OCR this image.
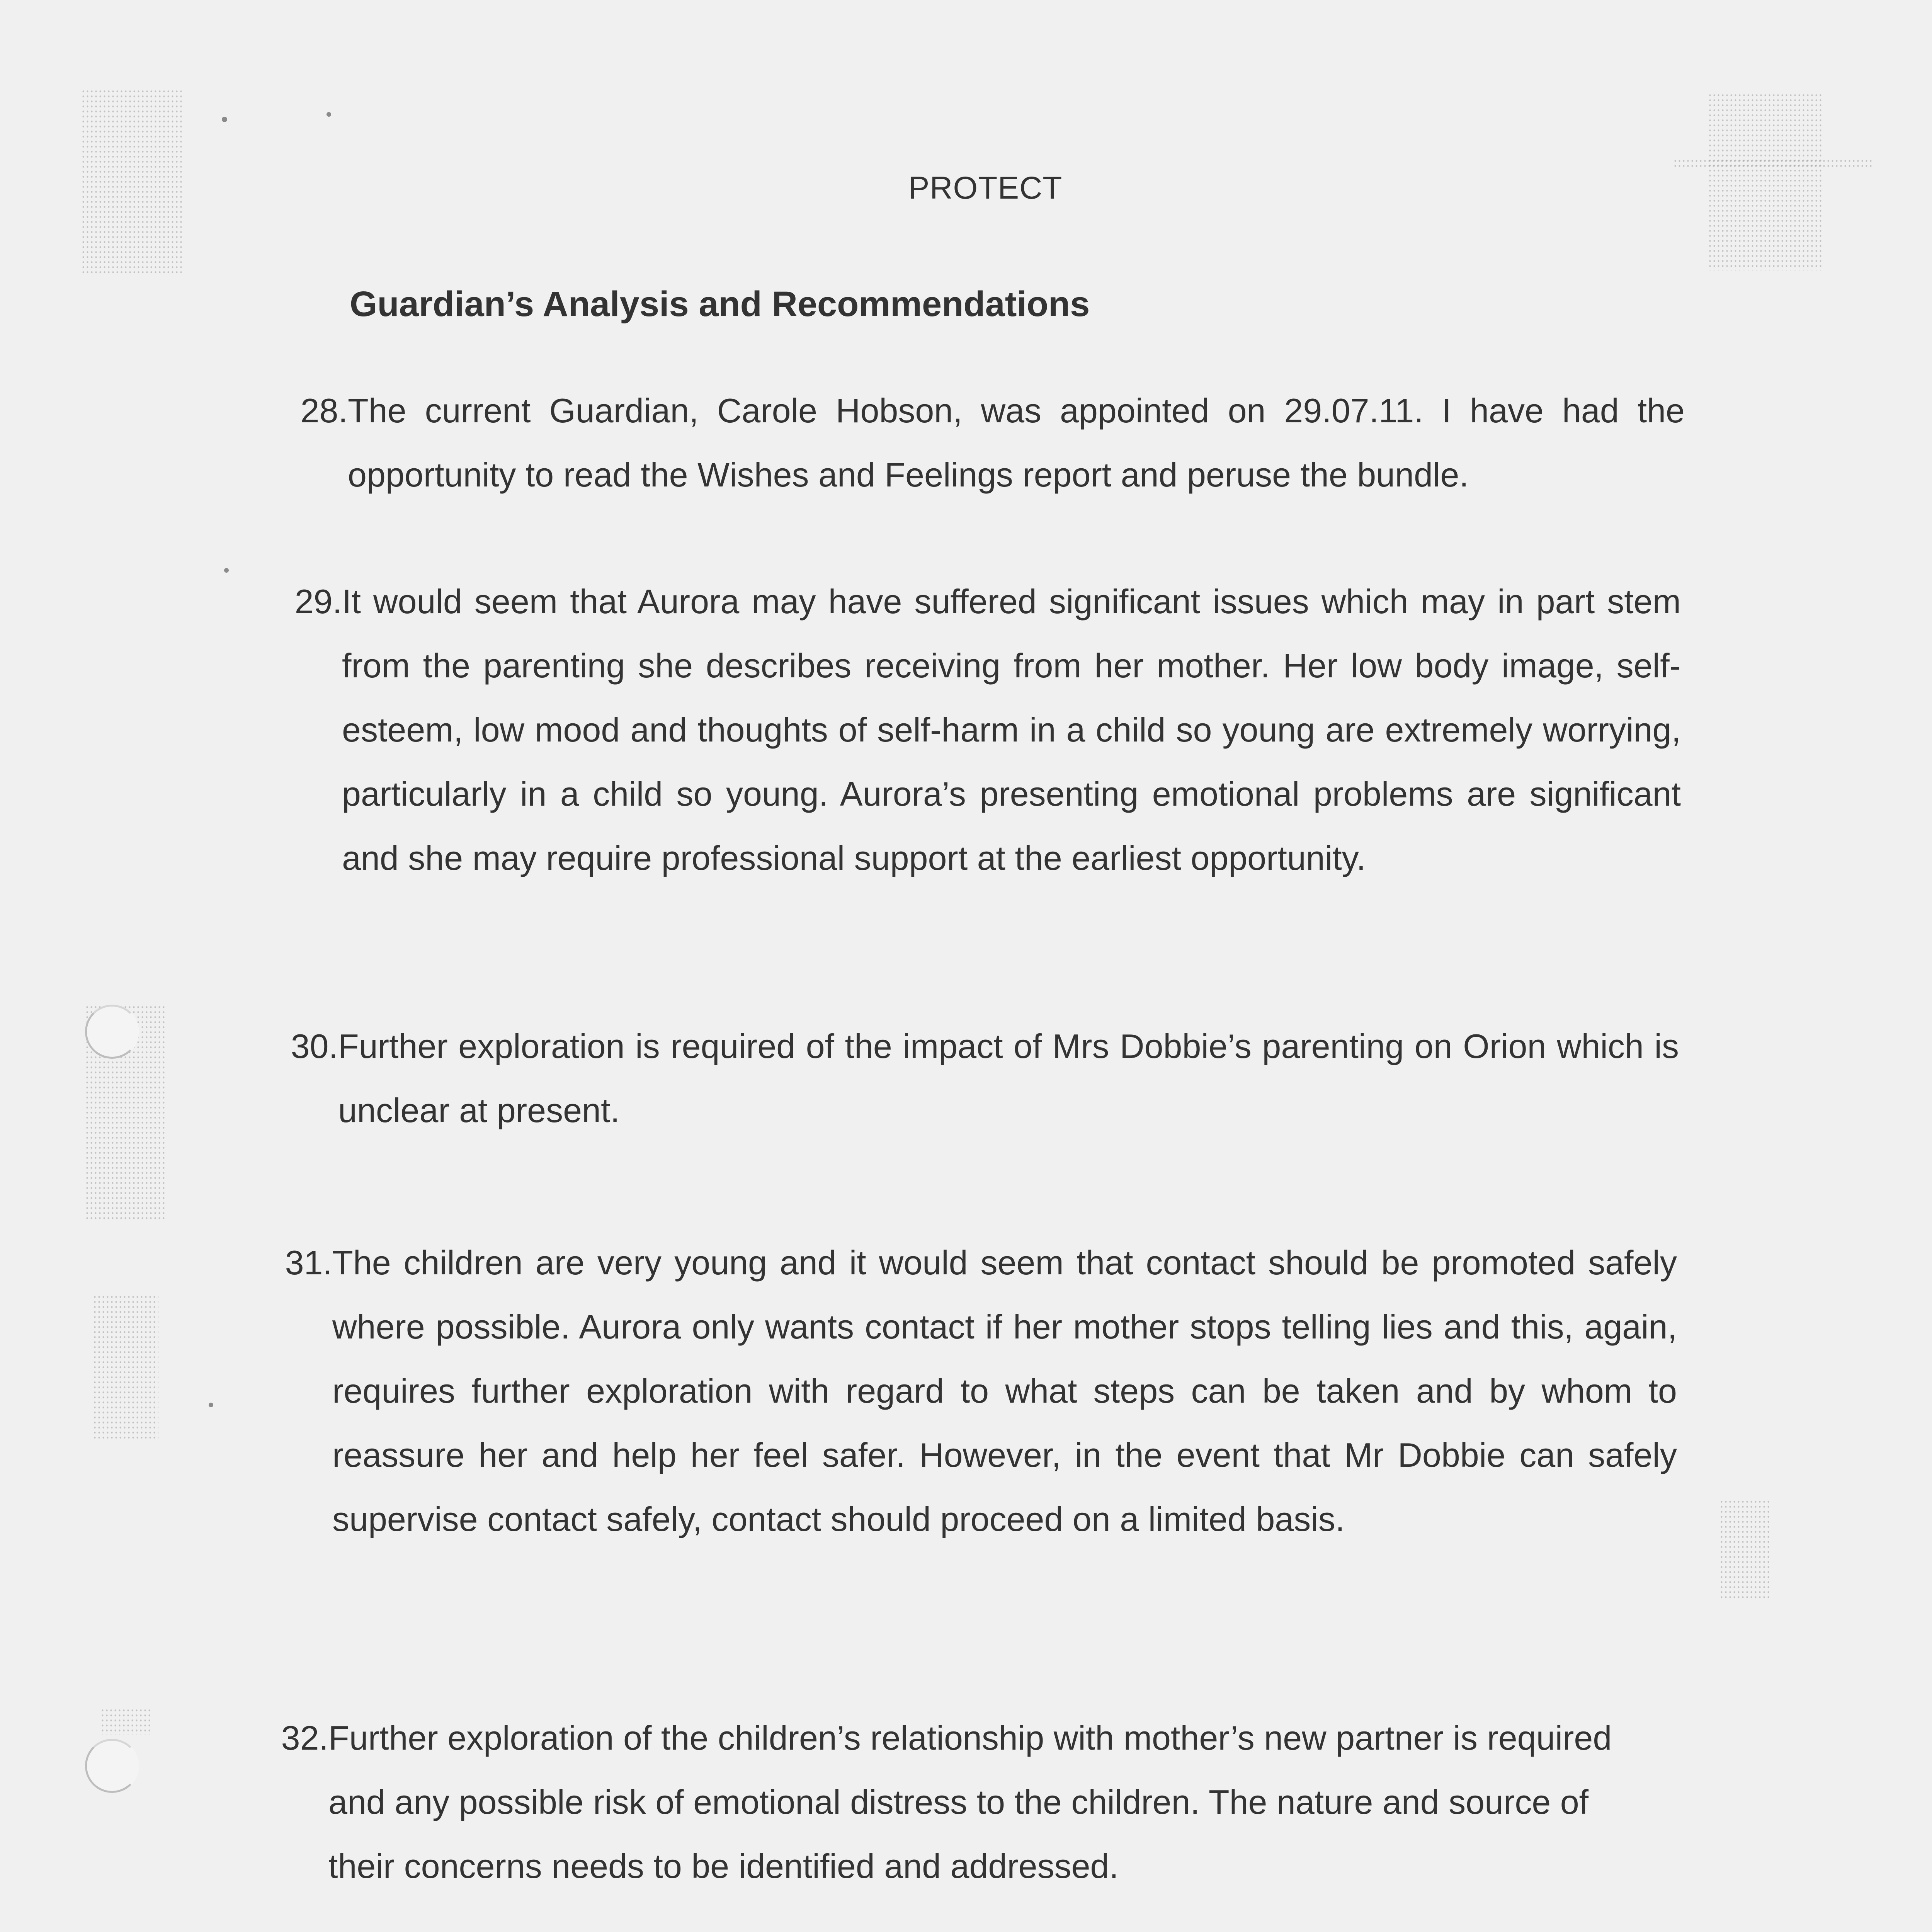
PROTECT
Guardian’s Analysis and Recommendations
28. The current Guardian, Carole Hobson, was appointed on 29.07.11. I have had the opportunity to read the Wishes and Feelings report and peruse the bundle.
29. It would seem that Aurora may have suffered significant issues which may in part stem from the parenting she describes receiving from her mother. Her low body image, self-esteem, low mood and thoughts of self-harm in a child so young are extremely worrying, particularly in a child so young. Aurora’s presenting emotional problems are significant and she may require professional support at the earliest opportunity.
30. Further exploration is required of the impact of Mrs Dobbie’s parenting on Orion which is unclear at present.
31. The children are very young and it would seem that contact should be promoted safely where possible. Aurora only wants contact if her mother stops telling lies and this, again, requires further exploration with regard to what steps can be taken and by whom to reassure her and help her feel safer. However, in the event that Mr Dobbie can safely supervise contact safely, contact should proceed on a limited basis.
32. Further exploration of the children’s relationship with mother’s new partner is required and any possible risk of emotional distress to the children. The nature and source of their concerns needs to be identified and addressed.
